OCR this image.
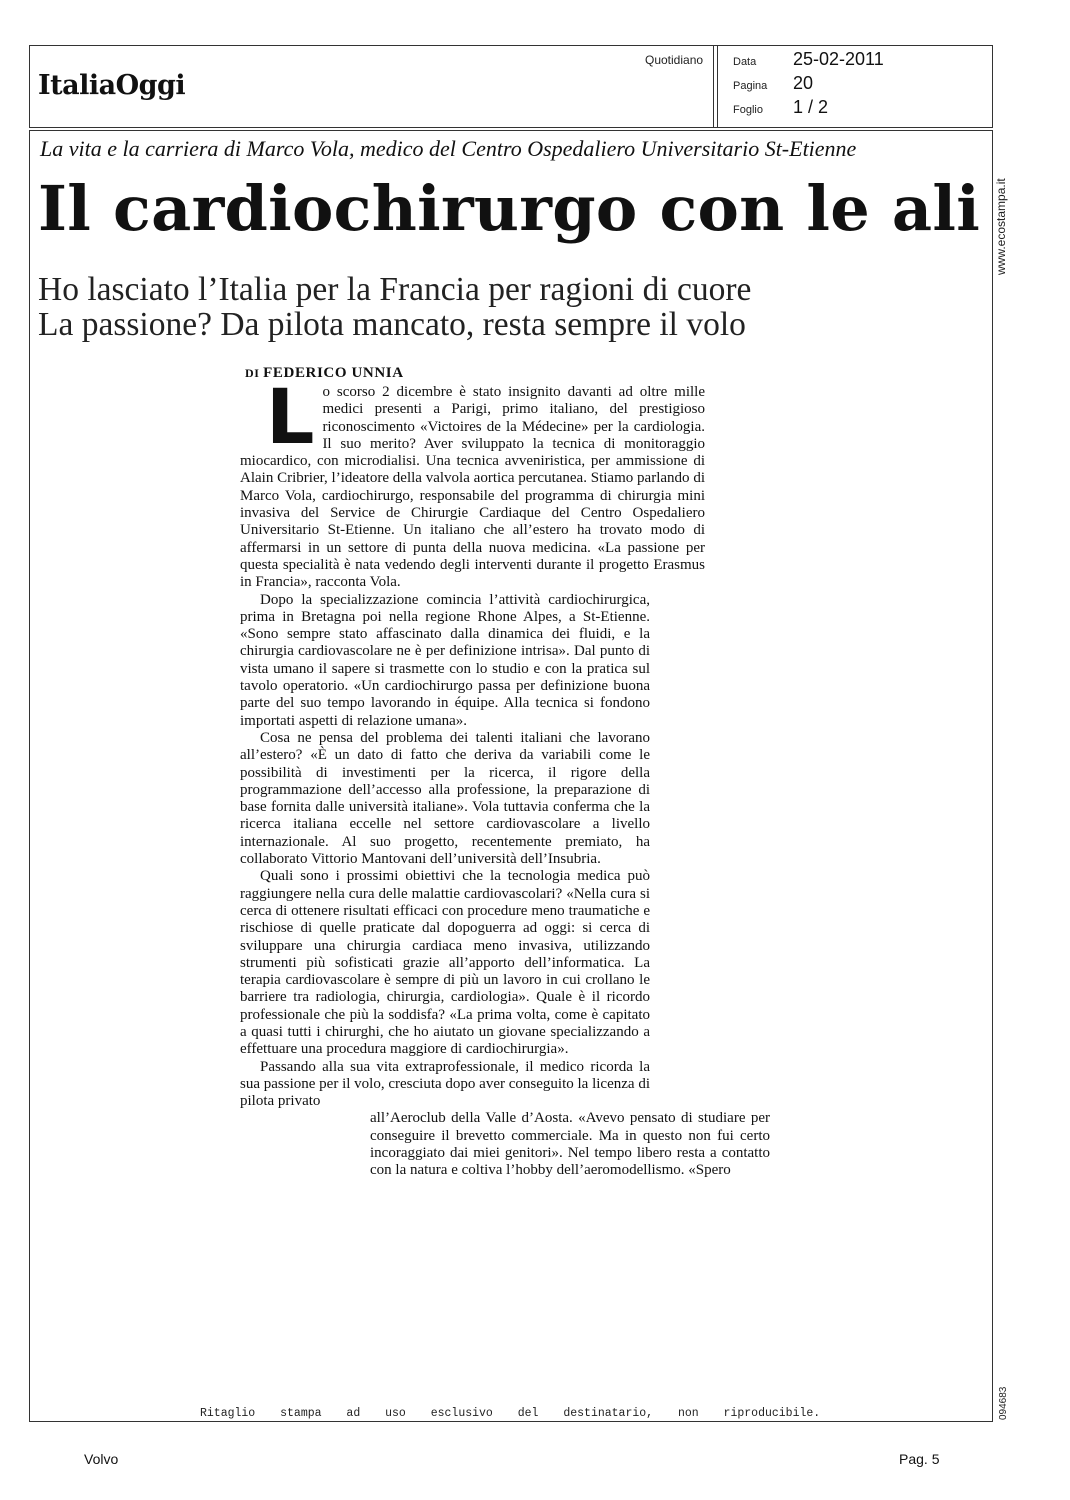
ItaliaOggi
Quotidiano	Data 25-02-2011
Pagina 20
Foglio 1 / 2
www.ecostampa.it
094683
La vita e la carriera di Marco Vola, medico del Centro Ospedaliero Universitario St-Etienne
Il cardiochirurgo con le ali
Ho lasciato l’Italia per la Francia per ragioni di cuore
La passione? Da pilota mancato, resta sempre il volo
DI FEDERICO UNNIA

Lo scorso 2 dicembre è stato insignito davanti ad oltre mille medici presenti a Parigi, primo italiano, del prestigioso riconoscimento «Victoires de la Médecine» per la cardiologia. Il suo merito? Aver sviluppato la tecnica di monitoraggio miocardico, con microdialisi. Una tecnica avveniristica, per ammissione di Alain Cribrier, l’ideatore della valvola aortica percutanea. Stiamo parlando di Marco Vola, cardiochirurgo, responsabile del programma di chirurgia mini invasiva del Service de Chirurgie Cardiaque del Centro Ospedaliero Universitario St-Etienne. Un italiano che all’estero ha trovato modo di affermarsi in un settore di punta della nuova medicina. «La passione per questa specialità è nata vedendo degli interventi durante il progetto Erasmus in Francia», racconta Vola.

Dopo la specializzazione comincia l’attività cardiochirurgica, prima in Bretagna poi nella regione Rhone Alpes, a St-Etienne. «Sono sempre stato affascinato dalla dinamica dei fluidi, e la chirurgia cardiovascolare ne è per definizione intrisa». Dal punto di vista umano il sapere si trasmette con lo studio e con la pratica sul tavolo operatorio. «Un cardiochirurgo passa per definizione buona parte del suo tempo lavorando in équipe. Alla tecnica si fondono importati aspetti di relazione umana».

Cosa ne pensa del problema dei talenti italiani che lavorano all’estero? «È un dato di fatto che deriva da variabili come le possibilità di investimenti per la ricerca, il rigore della programmazione dell’accesso alla professione, la preparazione di base fornita dalle università italiane». Vola tuttavia conferma che la ricerca italiana eccelle nel settore cardiovascolare a livello internazionale. Al suo progetto, recentemente premiato, ha collaborato Vittorio Mantovani dell’università dell’Insubria.

Quali sono i prossimi obiettivi che la tecnologia medica può raggiungere nella cura delle malattie cardiovascolari? «Nella cura si cerca di ottenere risultati efficaci con procedure meno traumatiche e rischiose di quelle praticate dal dopoguerra ad oggi: si cerca di sviluppare una chirurgia cardiaca meno invasiva, utilizzando strumenti più sofisticati grazie all’apporto dell’informatica. La terapia cardiovascolare è sempre di più un lavoro in cui crollano le barriere tra radiologia, chirurgia, cardiologia». Quale è il ricordo professionale che più la soddisfa? «La prima volta, come è capitato a quasi tutti i chirurghi, che ho aiutato un giovane specializzando a effettuare una procedura maggiore di cardiochirurgia».

Passando alla sua vita extraprofessionale, il medico ricorda la sua passione per il volo, cresciuta dopo aver conseguito la licenza di pilota privato

all’Aeroclub della Valle d’Aosta. «Avevo pensato di studiare per conseguire il brevetto commerciale. Ma in questo non fui certo incoraggiato dai miei genitori». Nel tempo libero resta a contatto con la natura e coltiva l’hobby dell’aeromodellismo. «Spero

Ritaglio stampa ad uso esclusivo del destinatario, non riproducibile.
Volvo	Pag. 5
